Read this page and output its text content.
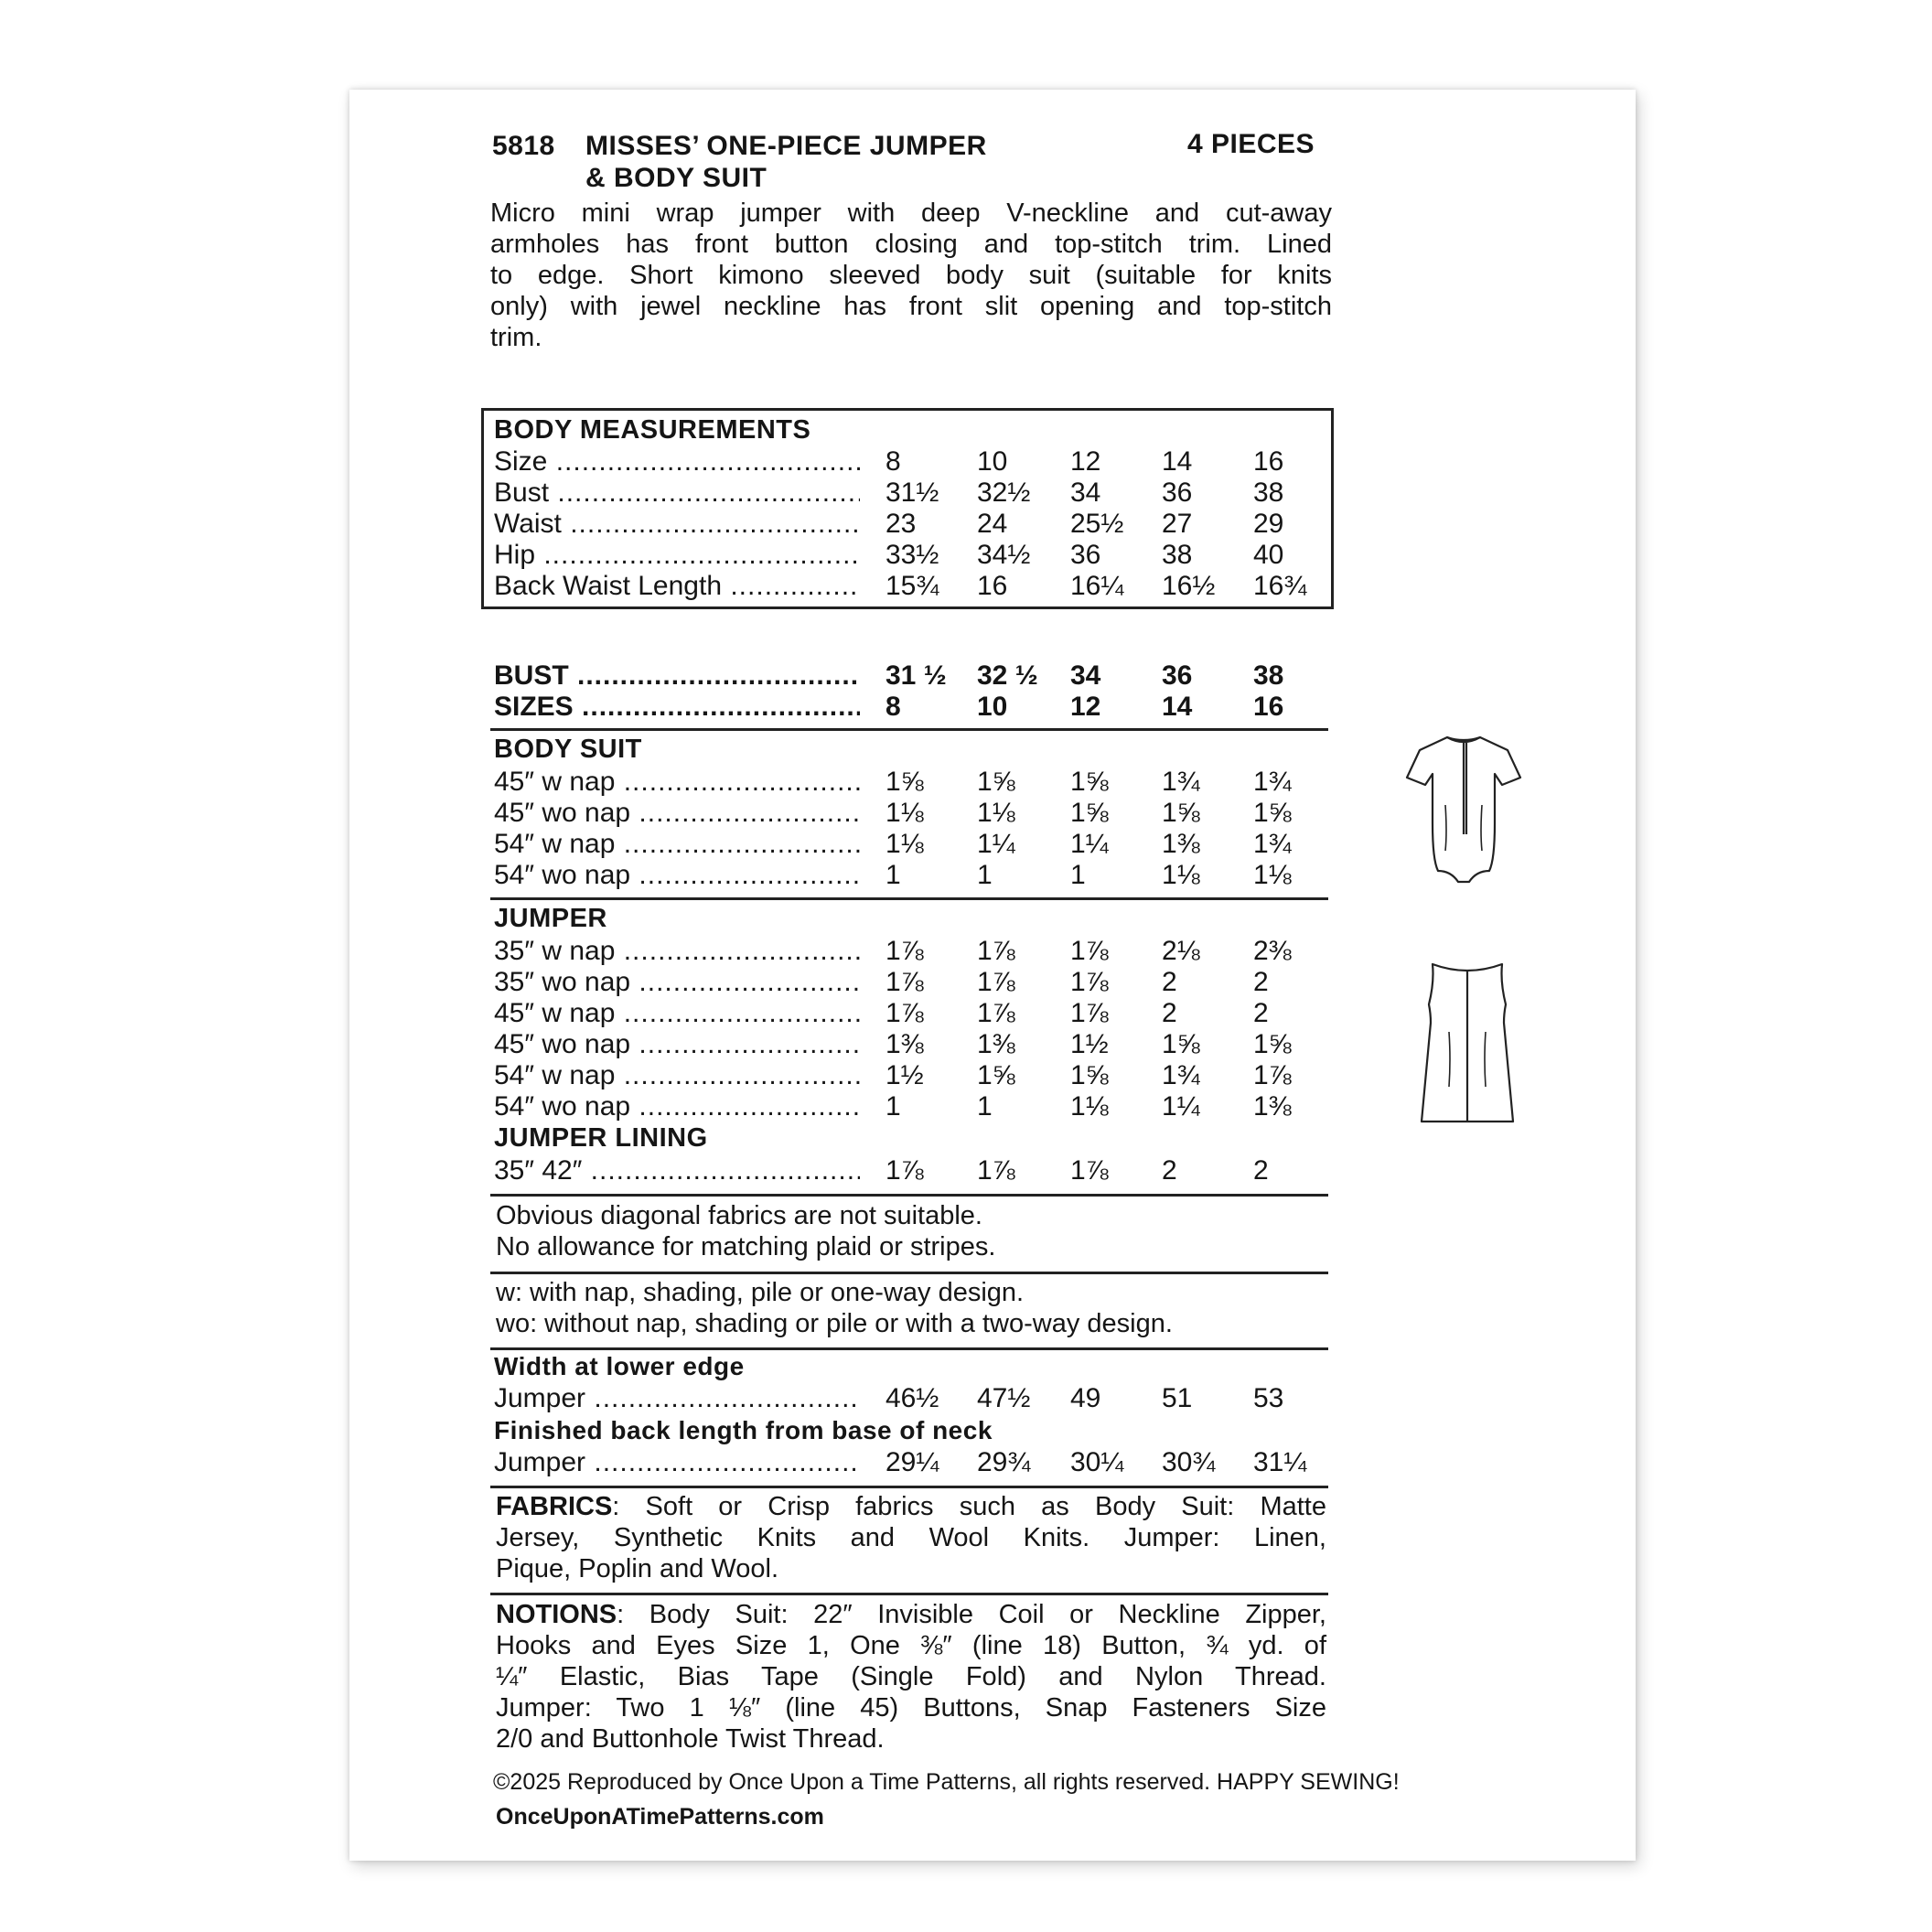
5818 MISSES’ ONE-PIECE JUMPER
& BODY SUIT
4 PIECES
Micro mini wrap jumper with deep V-neckline and cut-away
armholes has front button closing and top-stitch trim. Lined
to edge. Short kimono sleeved body suit (suitable for knits
only) with jewel neckline has front slit opening and top-stitch
trim.
BODY MEASUREMENTS
Size .....	8	10	12	14	16
Bust .....	31½	32½	34	36	38
Waist .....	23	24	25½	27	29
Hip .....	33½	34½	36	38	40
Back Waist Length .....	15¾	16	16¼	16½	16¾
BUST .....	31 ½	32 ½	34	36	38
SIZES .....	8	10	12	14	16
BODY SUIT
45″ w nap .....	1⅝	1⅝	1⅝	1¾	1¾
45″ wo nap .....	1⅛	1⅛	1⅝	1⅝	1⅝
54″ w nap .....	1⅛	1¼	1¼	1⅜	1¾
54″ wo nap .....	1	1	1	1⅛	1⅛
JUMPER
35″ w nap .....	1⅞	1⅞	1⅞	2⅛	2⅜
35″ wo nap .....	1⅞	1⅞	1⅞	2	2
45″ w nap .....	1⅞	1⅞	1⅞	2	2
45″ wo nap .....	1⅜	1⅜	1½	1⅝	1⅝
54″ w nap .....	1½	1⅝	1⅝	1¾	1⅞
54″ wo nap .....	1	1	1⅛	1¼	1⅜
JUMPER LINING
35″ 42″ .....	1⅞	1⅞	1⅞	2	2
Obvious diagonal fabrics are not suitable.
No allowance for matching plaid or stripes.
w: with nap, shading, pile or one-way design.
wo: without nap, shading or pile or with a two-way design.
Width at lower edge
Jumper .....	46½	47½	49	51	53
Finished back length from base of neck
Jumper .....	29¼	29¾	30¼	30¾	31¼
FABRICS: Soft or Crisp fabrics such as Body Suit: Matte
Jersey, Synthetic Knits and Wool Knits. Jumper: Linen,
Pique, Poplin and Wool.
NOTIONS: Body Suit: 22″ Invisible Coil or Neckline Zipper,
Hooks and Eyes Size 1, One ⅜″ (line 18) Button, ¾ yd. of
¼″ Elastic, Bias Tape (Single Fold) and Nylon Thread.
Jumper: Two 1 ⅛″ (line 45) Buttons, Snap Fasteners Size
2/0 and Buttonhole Twist Thread.
©2025 Reproduced by Once Upon a Time Patterns, all rights reserved. HAPPY SEWING!
OnceUponATimePatterns.com
